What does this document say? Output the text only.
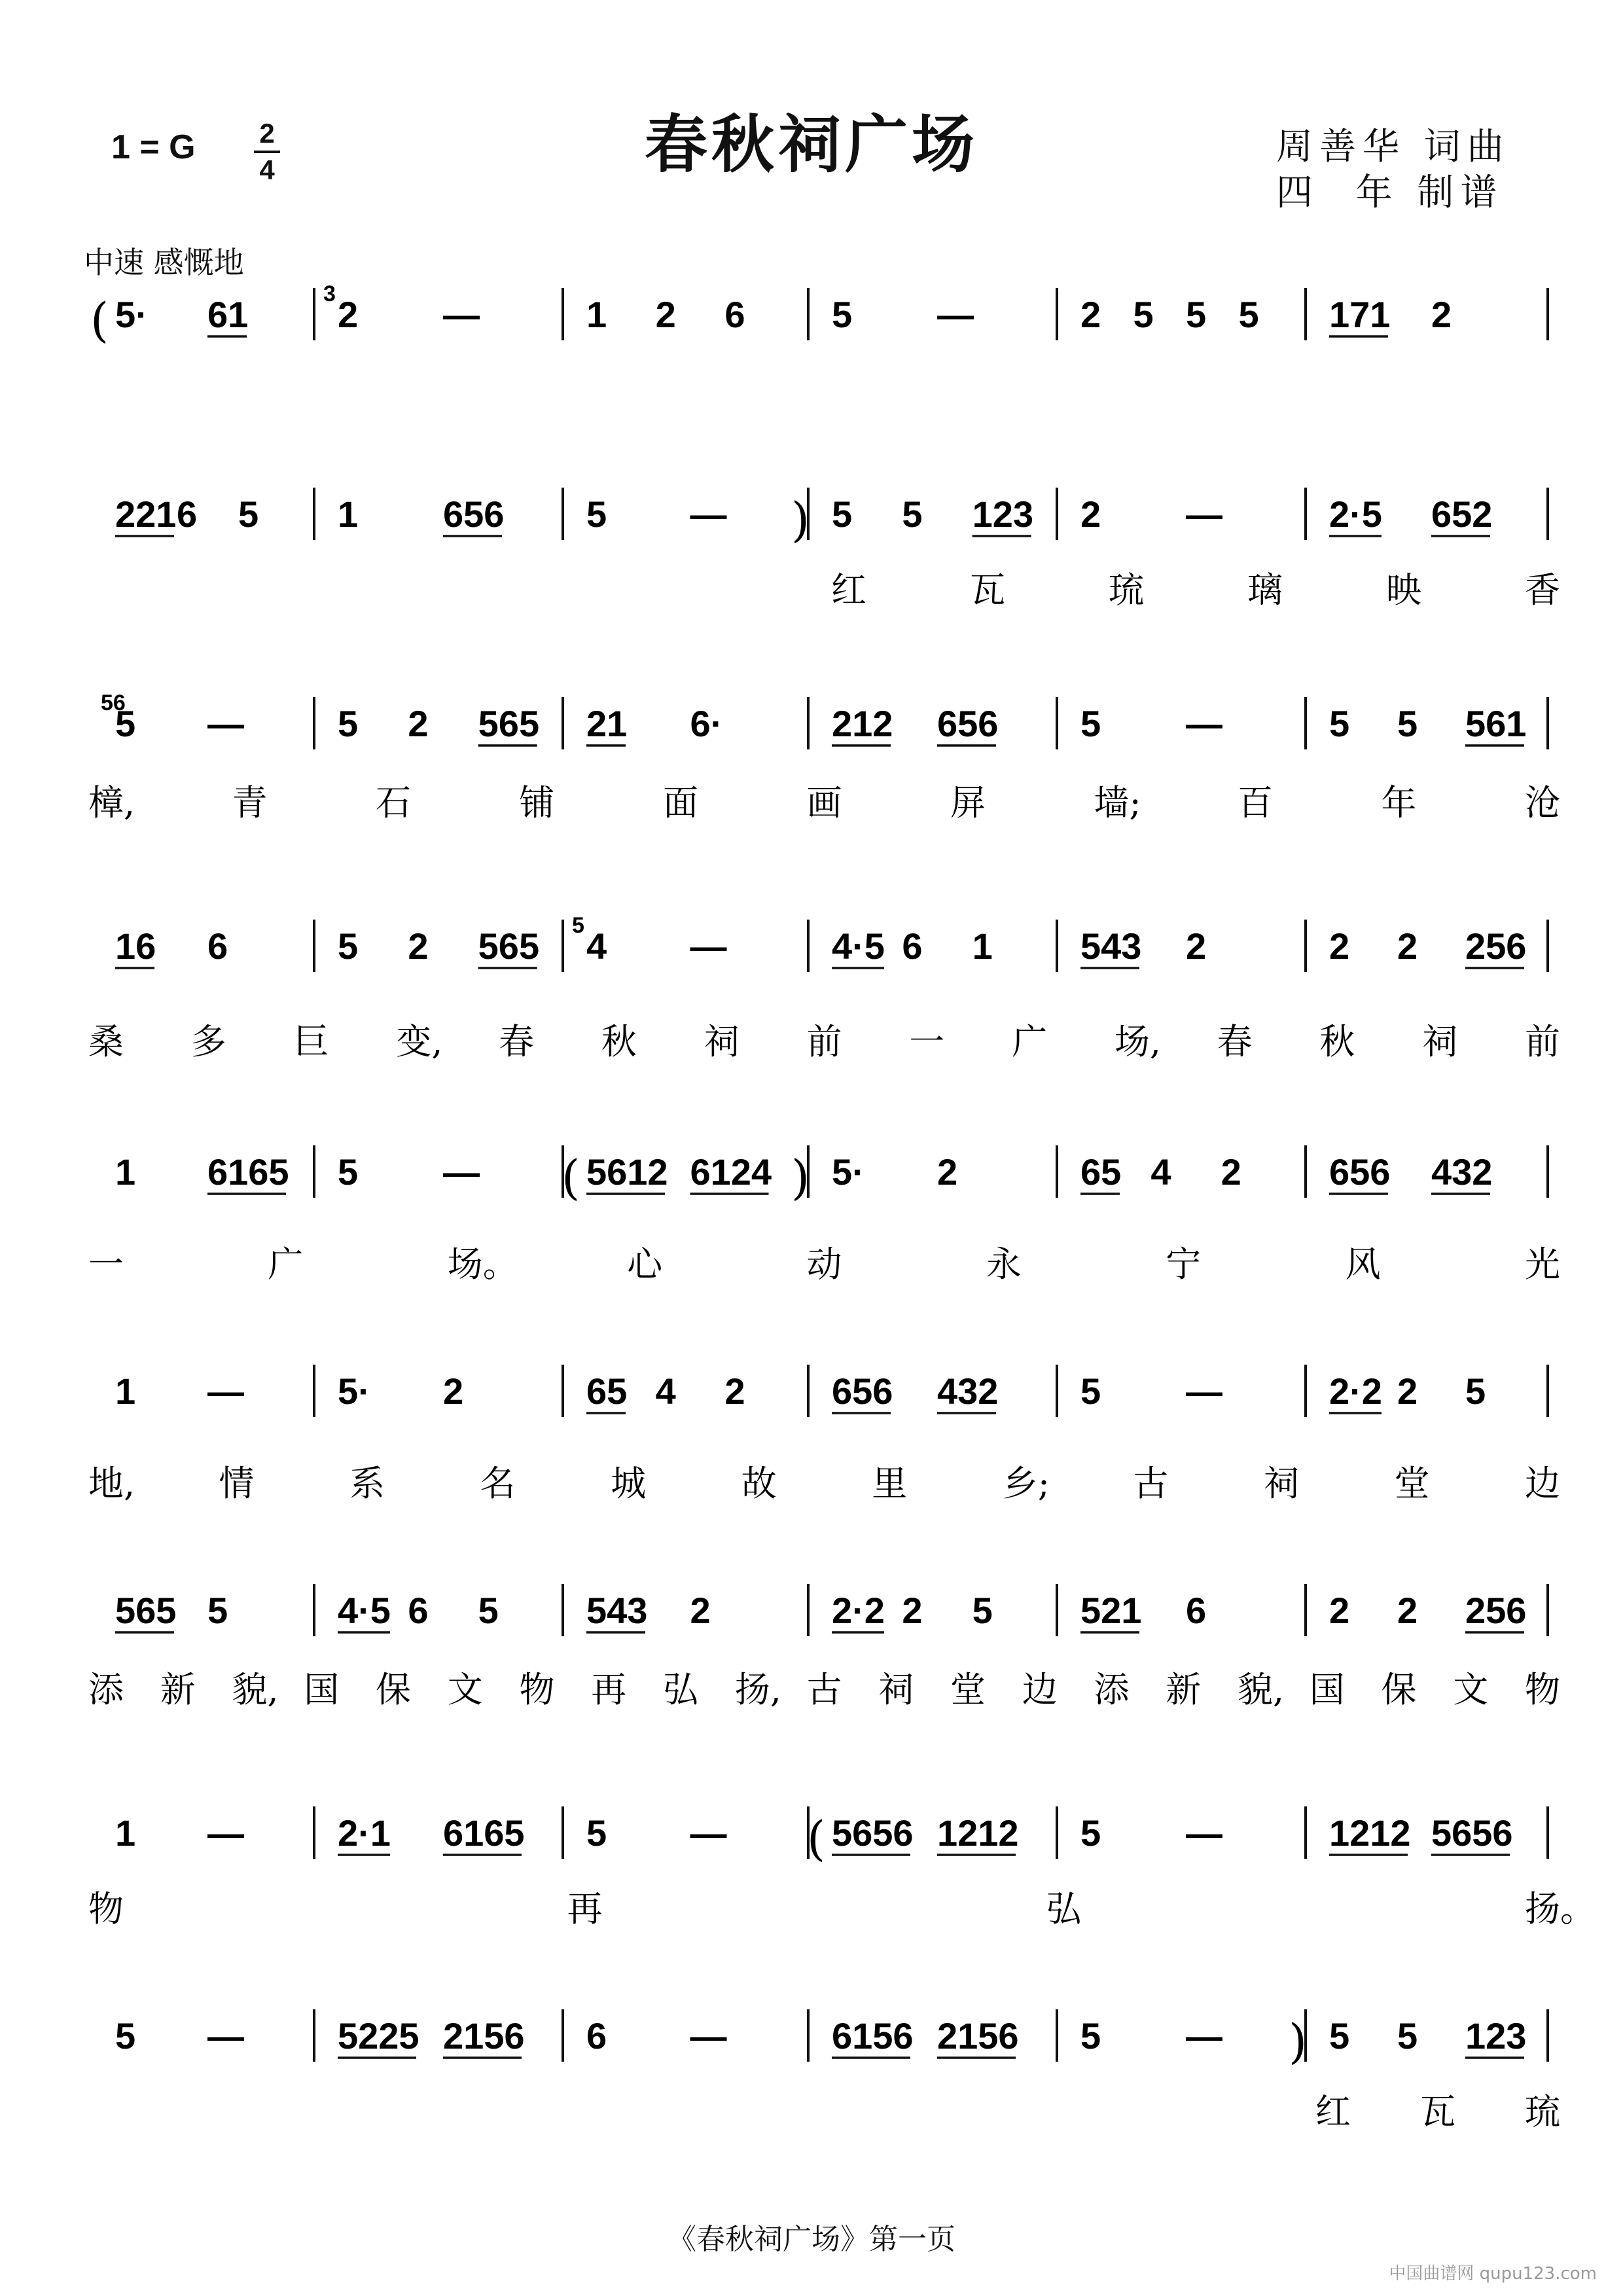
1 = G 2
4	春秋祠广场	周善华 词曲
四  年 制谱
中速 感慨地
( 5· 61	3 2 —	1 2 6 5 —	2 5 5 5 171 2
221 6 5 1 656 5 — ) 5 5 123 2 —	2·5 652
红	瓦	琉	璃	映	香
56
5 —	5 2 565 21 6·	212 656 5 —	5 5 561
樟,	青	石	铺	面	画	屏	墙;	百	年	沧
16 6	5 2 565 5 4 —	4·5 6 1 543 2	2 2 256
桑 多 巨 变, 春 秋 祠 前 一 广 场, 春 秋 祠 前
1 6165 5 — ( 5612 6124 ) 5· 2	65 4 2 656 432
一	广	场。	心	动	永	宁	风	光
1 —	5· 2	65 4 2 656 432 5 —	2·2 2 5
地, 情	系	名	城	故	里	乡; 古	祠	堂	边
565 5	4·5 6 5 543 2	2·2 2 5 521 6	2 2 256
添 新 貌, 国 保 文 物 再 弘 扬, 古 祠 堂 边 添 新 貌, 国 保 文 物
1 —	2·1 6165 5 — ( 5656 1212 5 —	1212 5656
物	再	弘	扬。
5 —	5225 2156 6 —	6156 2156 5 — ) 5 5 123
红 瓦 琉
《春秋祠广场》第一页
中国曲谱网 qupu123.com
